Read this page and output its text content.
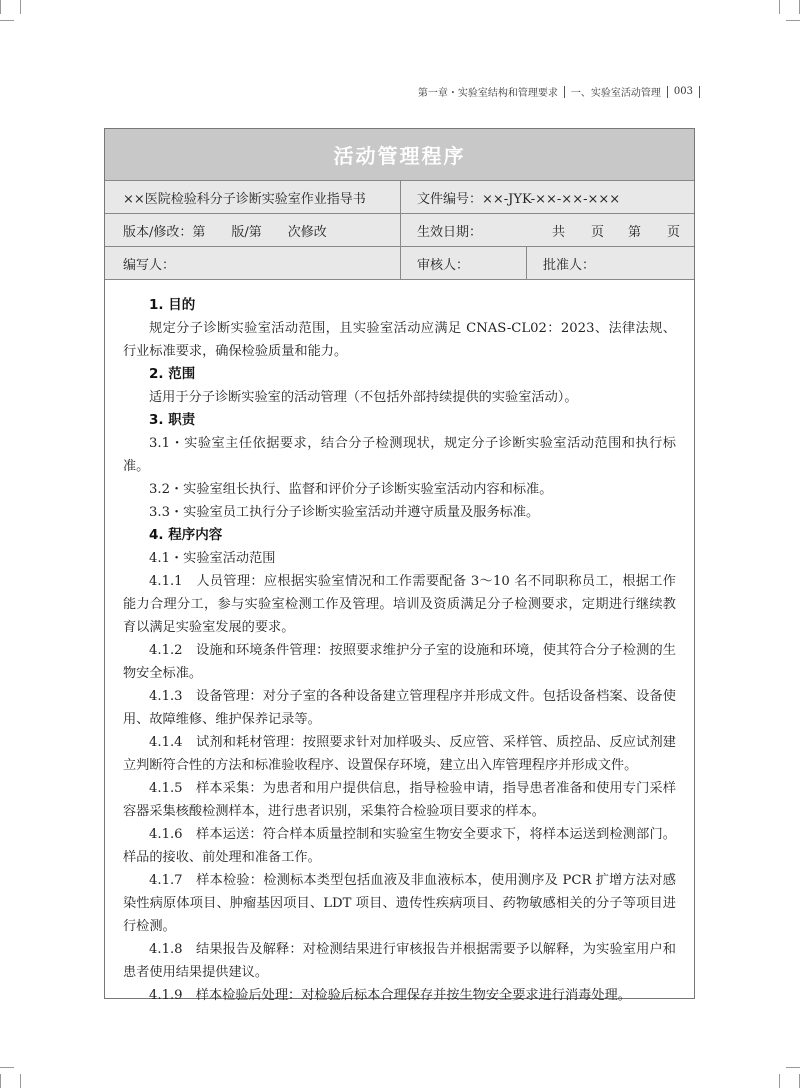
第一章・实验室结构和管理要求 一、实验室活动管理 003
活动管理程序
××医院检验科分子诊断实验室作业指导书	文件编号：××-JYK-××-××-×××
版本/修改：第　　版/第　　次修改	生效日期：	共　　页 第　　页
编写人：	审核人：	批准人：
1. 目的

规定分子诊断实验室活动范围，且实验室活动应满足 CNAS-CL02：2023、法律法规、行业标准要求，确保检验质量和能力。

2. 范围

适用于分子诊断实验室的活动管理（不包括外部持续提供的实验室活动）。

3. 职责

3.1・实验室主任依据要求，结合分子检测现状，规定分子诊断实验室活动范围和执行标准。

3.2・实验室组长执行、监督和评价分子诊断实验室活动内容和标准。

3.3・实验室员工执行分子诊断实验室活动并遵守质量及服务标准。

4. 程序内容

4.1・实验室活动范围

4.1.1　人员管理：应根据实验室情况和工作需要配备 3～10 名不同职称员工，根据工作能力合理分工，参与实验室检测工作及管理。培训及资质满足分子检测要求，定期进行继续教育以满足实验室发展的要求。

4.1.2　设施和环境条件管理：按照要求维护分子室的设施和环境，使其符合分子检测的生物安全标准。

4.1.3　设备管理：对分子室的各种设备建立管理程序并形成文件。包括设备档案、设备使用、故障维修、维护保养记录等。

4.1.4　试剂和耗材管理：按照要求针对加样吸头、反应管、采样管、质控品、反应试剂建立判断符合性的方法和标准验收程序、设置保存环境，建立出入库管理程序并形成文件。

4.1.5　样本采集：为患者和用户提供信息，指导检验申请，指导患者准备和使用专门采样容器采集核酸检测样本，进行患者识别，采集符合检验项目要求的样本。

4.1.6　样本运送：符合样本质量控制和实验室生物安全要求下，将样本运送到检测部门。样品的接收、前处理和准备工作。

4.1.7　样本检验：检测标本类型包括血液及非血液标本，使用测序及 PCR 扩增方法对感染性病原体项目、肿瘤基因项目、LDT 项目、遗传性疾病项目、药物敏感相关的分子等项目进行检测。

4.1.8　结果报告及解释：对检测结果进行审核报告并根据需要予以解释，为实验室用户和患者使用结果提供建议。

4.1.9　样本检验后处理：对检验后标本合理保存并按生物安全要求进行消毒处理。
